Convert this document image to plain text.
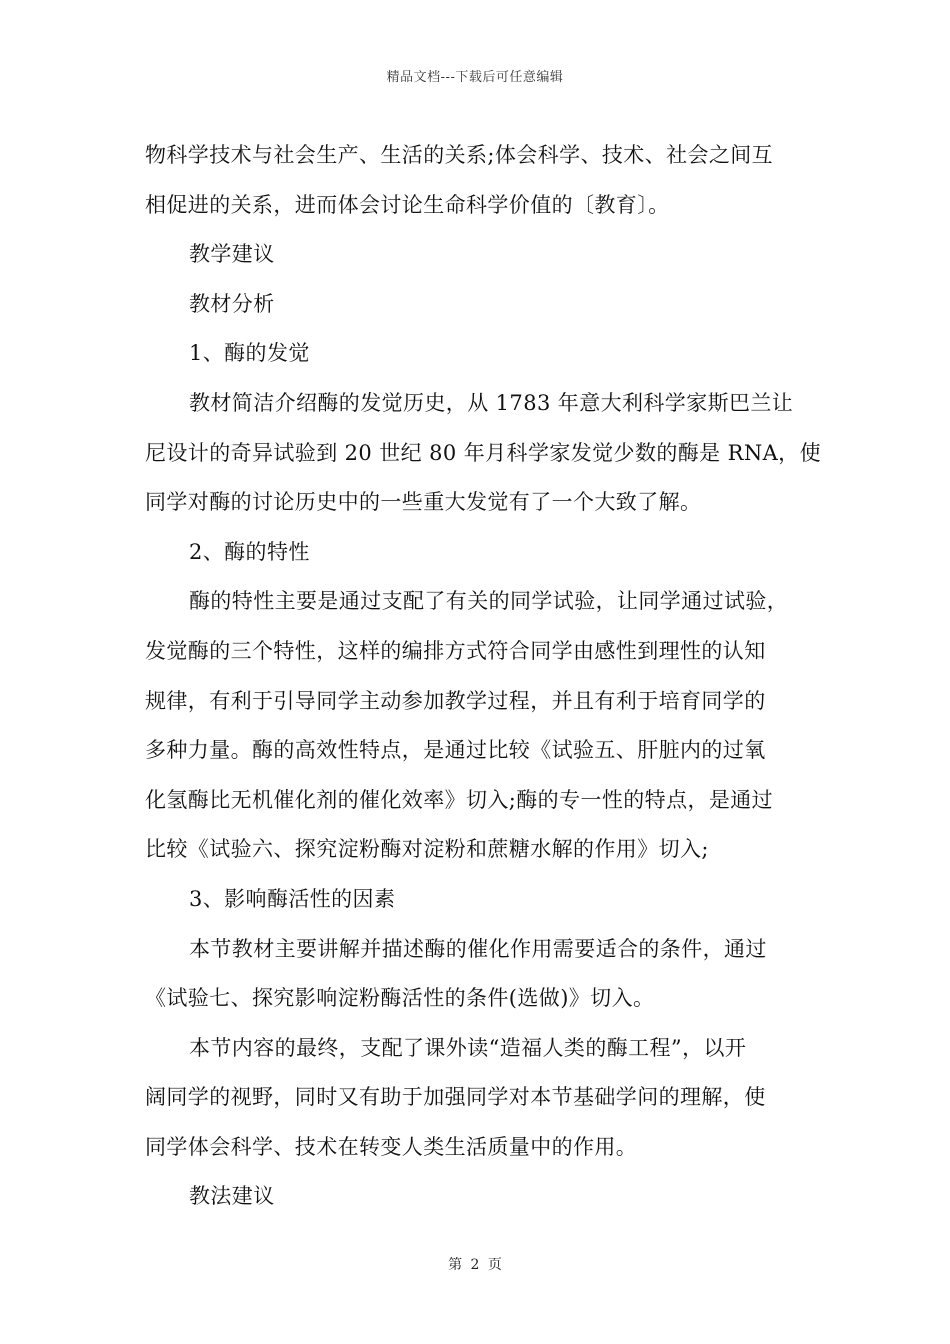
精品文档---下载后可任意编辑

物科学技术与社会生产、生活的关系;体会科学、技术、社会之间互

相促进的关系，进而体会讨论生命科学价值的〔教育〕。

教学建议

教材分析

1、酶的发觉

教材简洁介绍酶的发觉历史，从 1783 年意大利科学家斯巴兰让

尼设计的奇异试验到 20 世纪 80 年月科学家发觉少数的酶是 RNA，使

同学对酶的讨论历史中的一些重大发觉有了一个大致了解。

2、酶的特性

酶的特性主要是通过支配了有关的同学试验，让同学通过试验，

发觉酶的三个特性，这样的编排方式符合同学由感性到理性的认知

规律，有利于引导同学主动参加教学过程，并且有利于培育同学的

多种力量。酶的高效性特点，是通过比较《试验五、肝脏内的过氧

化氢酶比无机催化剂的催化效率》切入;酶的专一性的特点，是通过

比较《试验六、探究淀粉酶对淀粉和蔗糖水解的作用》切入;

3、影响酶活性的因素

本节教材主要讲解并描述酶的催化作用需要适合的条件，通过

《试验七、探究影响淀粉酶活性的条件(选做)》切入。

本节内容的最终，支配了课外读“造福人类的酶工程”，以开

阔同学的视野，同时又有助于加强同学对本节基础学问的理解，使

同学体会科学、技术在转变人类生活质量中的作用。

教法建议

第 2 页
